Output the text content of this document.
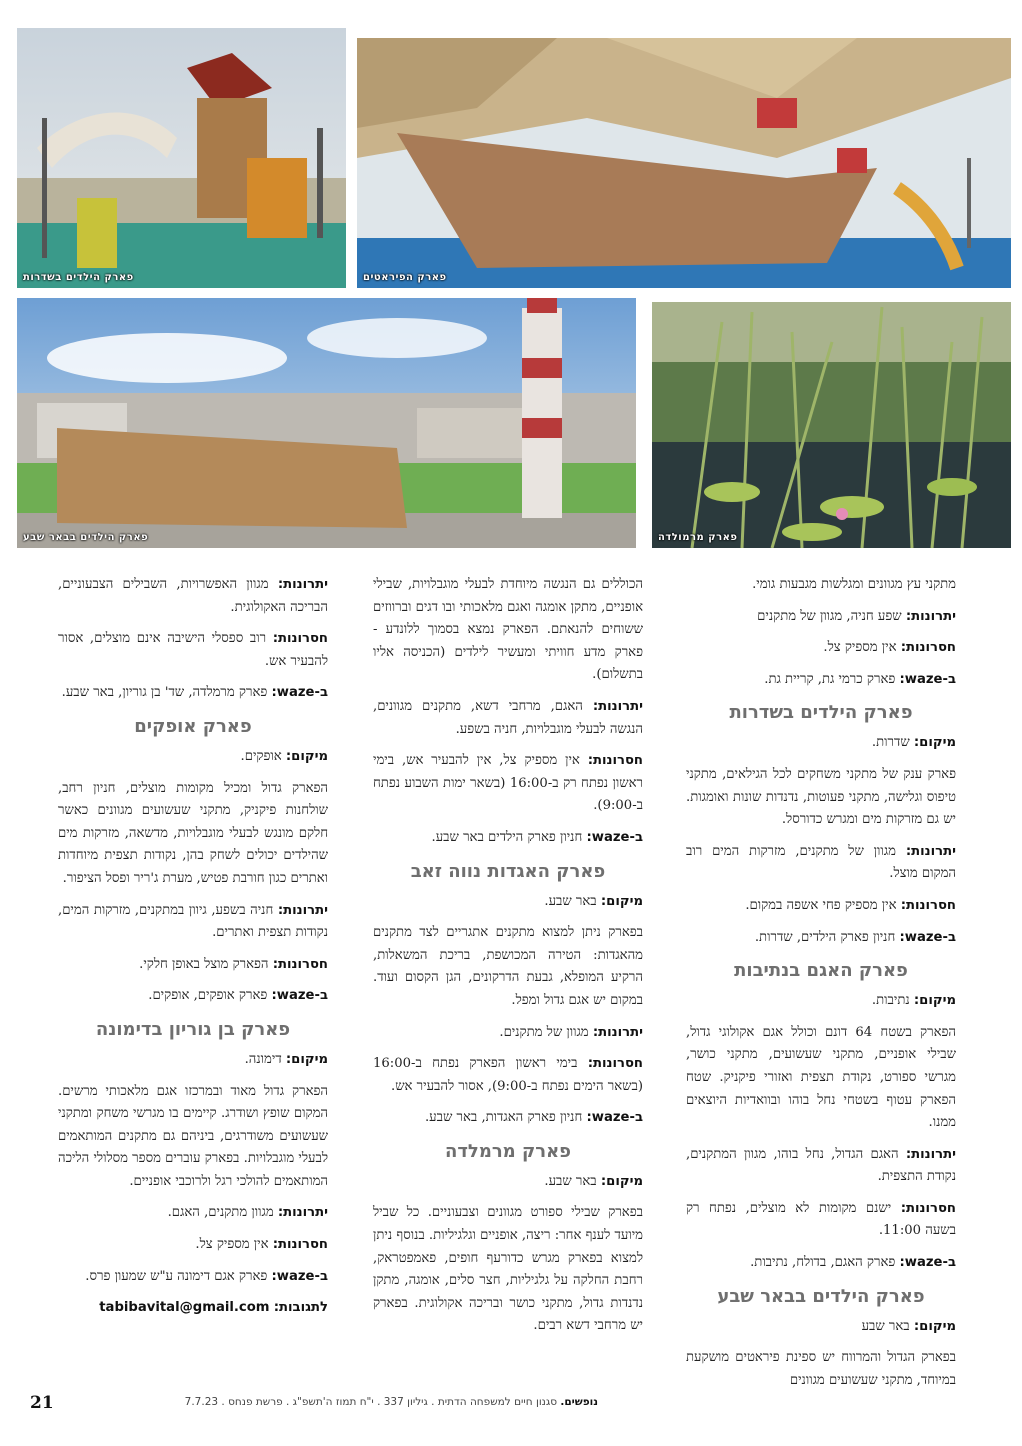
פארק הילדים בשדרות	פארק הפיראטים
פארק הילדים בבאר שבע	פארק מרמולדה

מתקני עץ מגוונים ומגלשות מגבעות גומי.

יתרונות: שפע חניה, מגוון של מתקנים

חסרונות: אין מספיק צל.

ב-waze: פארק כרמי גת, קריית גת.

פארק הילדים בשדרות

מיקום: שדרות.

פארק ענק של מתקני משחקים לכל הגילאים, מתקני טיפוס וגלישה, מתקני פעוטות, נדנדות שונות ואומגות. יש גם מזרקות מים ומגרש כדורסל.

יתרונות: מגוון של מתקנים, מזרקות המים רוב המקום מוצל.

חסרונות: אין מספיק פחי אשפה במקום.

ב-waze: חניון פארק הילדים, שדרות.

פארק האגם בנתיבות

מיקום: נתיבות.

הפארק בשטח 64 דונם וכולל אגם אקולוגי גדול, שבילי אופניים, מתקני שעשועים, מתקני כושר, מגרשי ספורט, נקודת תצפית ואזורי פיקניק. שטח הפארק עטוף בשטחי נחל בוהו ובוואדיות היוצאים ממנו.

יתרונות: האגם הגדול, נחל בוהו, מגוון המתקנים, נקודת התצפית.

חסרונות: ישנם מקומות לא מוצלים, נפתח רק בשעה 11:00.

ב-waze: פארק האגם, בדולח, נתיבות.

פארק הילדים בבאר שבע

מיקום: באר שבע

בפארק הגדול והמרווח יש ספינת פיראטים מושקעת במיוחד, מתקני שעשועים מגוונים

הכוללים גם הנגשה מיוחדת לבעלי מוגבלויות, שבילי אופניים, מתקן אומגה ואגם מלאכותי ובו דגים וברווזים ששוחים להנאתם. הפארק נמצא בסמוך ללונדע - פארק מדע חוויתי ומעשיר לילדים (הכניסה אליו בתשלום).

יתרונות: האגם, מרחבי דשא, מתקנים מגוונים, הנגשה לבעלי מוגבלויות, חניה בשפע.

חסרונות: אין מספיק צל, אין להבעיר אש, בימי ראשון נפתח רק ב-16:00 (בשאר ימות השבוע נפתח ב-9:00).

ב-waze: חניון פארק הילדים באר שבע.

פארק האגדות נווה זאב

מיקום: באר שבע.

בפארק ניתן למצוא מתקנים אתגריים לצד מתקנים מהאגדות: הטירה המכושפת, בריכת המשאלות, הרקיע המופלא, גבעת הדרקונים, הגן הקסום ועוד. במקום יש אגם גדול ומפל.

יתרונות: מגוון של מתקנים.

חסרונות: בימי ראשון הפארק נפתח ב-16:00 (בשאר הימים נפתח ב-9:00), אסור להבעיר אש.

ב-waze: חניון פארק האגדות, באר שבע.

פארק מרמלדה

מיקום: באר שבע.

בפארק שבילי ספורט מגוונים וצבעוניים. כל שביל מיועד לענף אחר: ריצה, אופניים וגלגיליות. בנוסף ניתן למצוא בפארק מגרש כדורעף חופים, פאמפטראק, רחבת החלקה על גלגיליות, חצר סלים, אומגה, מתקן נדנדות גדול, מתקני כושר ובריכה אקולוגית. בפארק יש מרחבי דשא רבים.

יתרונות: מגוון האפשרויות, השבילים הצבעוניים, הבריכה האקולוגית.

חסרונות: רוב ספסלי הישיבה אינם מוצלים, אסור להבעיר אש.

ב-waze: פארק מרמלדה, שד' בן גוריון, באר שבע.

פארק אופקים

מיקום: אופקים.

הפארק גדול ומכיל מקומות מוצלים, חניון רחב, שולחנות פיקניק, מתקני שעשועים מגוונים כאשר חלקם מונגש לבעלי מוגבלויות, מדשאה, מזרקות מים שהילדים יכולים לשחק בהן, נקודות תצפית מיוחדות ואתרים כגון חורבת פטיש, מערת ג'ריר ופסל הציפור.

יתרונות: חניה בשפע, גיוון במתקנים, מזרקות המים, נקודות תצפית ואתרים.

חסרונות: הפארק מוצל באופן חלקי.

ב-waze: פארק אופקים, אופקים.

פארק בן גוריון בדימונה

מיקום: דימונה.

הפארק גדול מאוד ובמרכזו אגם מלאכותי מרשים. המקום שופץ ושודרג. קיימים בו מגרשי משחק ומתקני שעשועים משודרגים, ביניהם גם מתקנים המותאמים לבעלי מוגבלויות. בפארק עוברים מספר מסלולי הליכה המותאמים להולכי רגל ולרוכבי אופניים.

יתרונות: מגוון מתקנים, האגם.

חסרונות: אין מספיק צל.

ב-waze: פארק אגם דימונה ע"ש שמעון פרס.

לתגובות: tabibavital@gmail.com

21	נופשים. סגנון חיים למשפחה הדתית . גיליון 337 . י"ח תמוז ה'תשפ"ג . פרשת פנחס . 7.7.23
